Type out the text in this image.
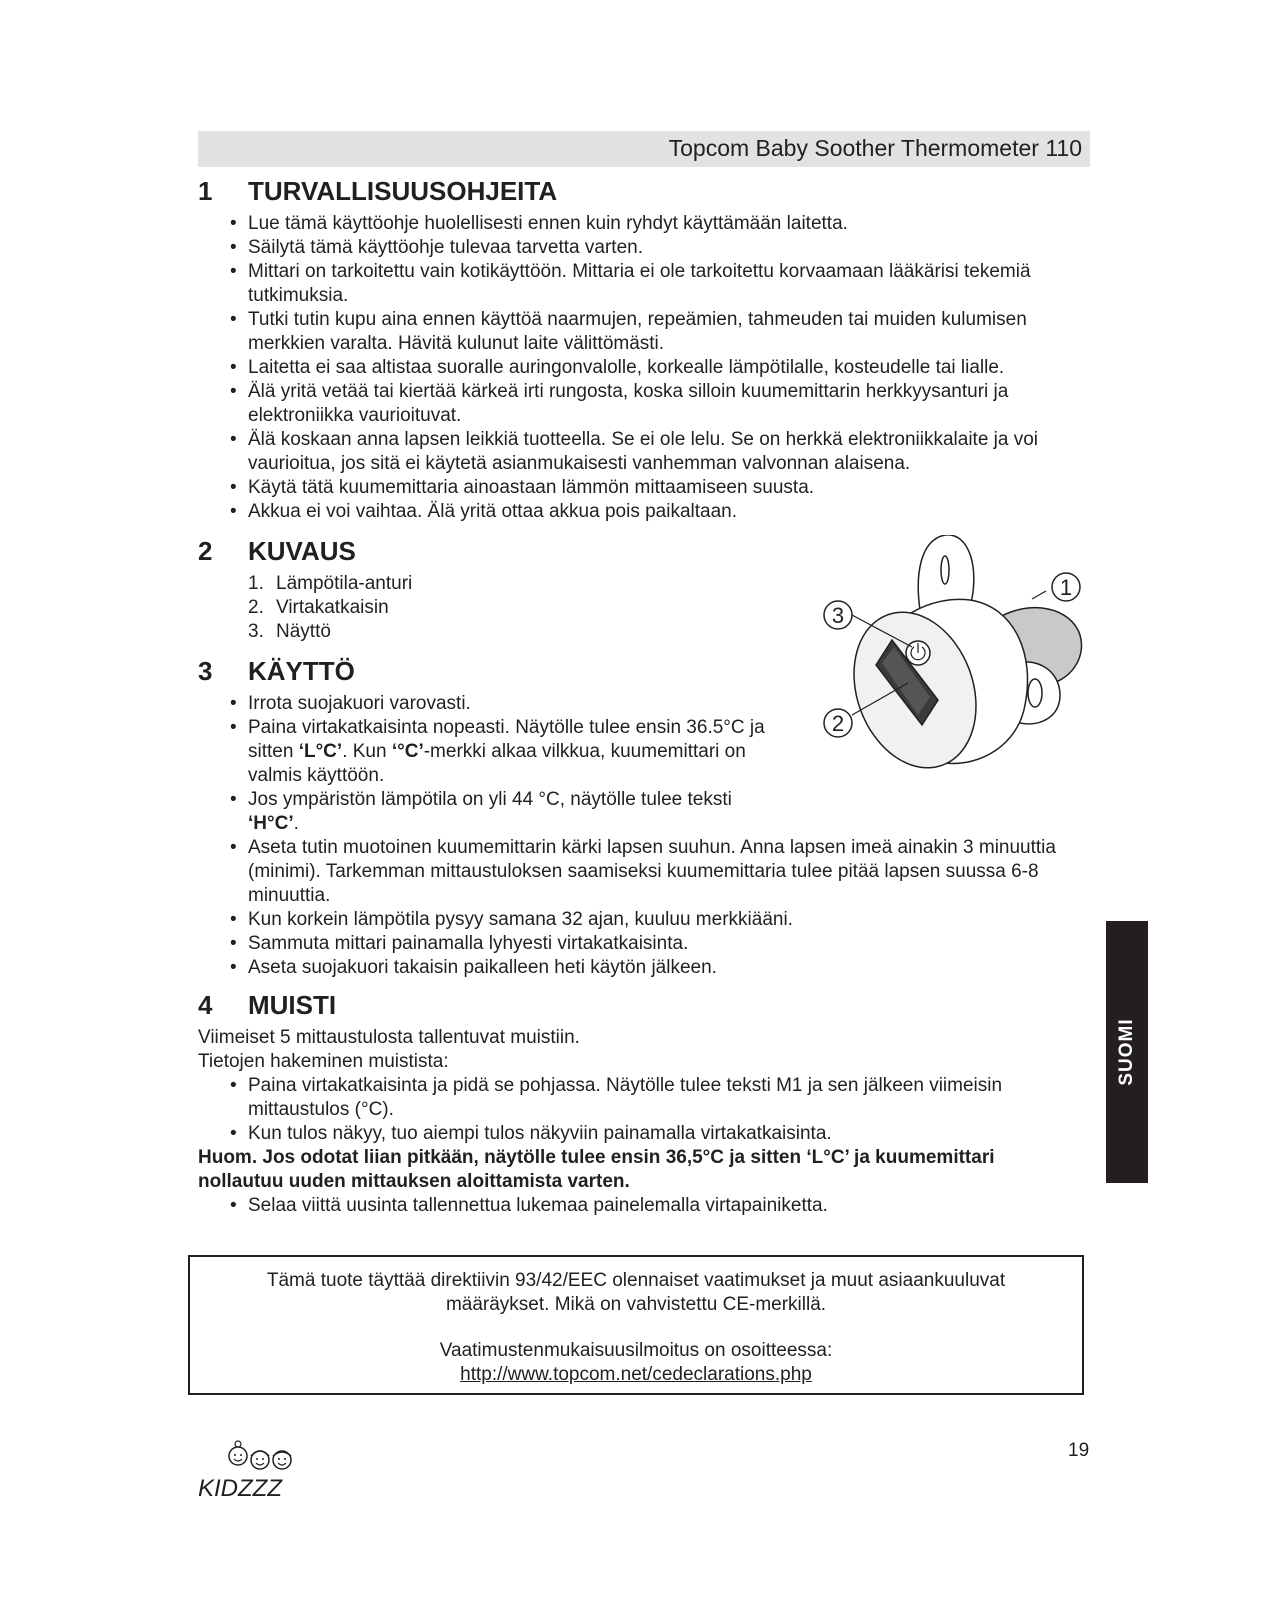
Topcom Baby Soother Thermometer 110
1 TURVALLISUUSOHJEITA
• Lue tämä käyttöohje huolellisesti ennen kuin ryhdyt käyttämään laitetta.
• Säilytä tämä käyttöohje tulevaa tarvetta varten.
• Mittari on tarkoitettu vain kotikäyttöön. Mittaria ei ole tarkoitettu korvaamaan lääkärisi tekemiä tutkimuksia.
• Tutki tutin kupu aina ennen käyttöä naarmujen, repeämien, tahmeuden tai muiden kulumisen merkkien varalta. Hävitä kulunut laite välittömästi.
• Laitetta ei saa altistaa suoralle auringonvalolle, korkealle lämpötilalle, kosteudelle tai lialle.
• Älä yritä vetää tai kiertää kärkeä irti rungosta, koska silloin kuumemittarin herkkyysanturi ja elektroniikka vaurioituvat.
• Älä koskaan anna lapsen leikkiä tuotteella. Se ei ole lelu. Se on herkkä elektroniikkalaite ja voi vaurioitua, jos sitä ei käytetä asianmukaisesti vanhemman valvonnan alaisena.
• Käytä tätä kuumemittaria ainoastaan lämmön mittaamiseen suusta.
• Akkua ei voi vaihtaa. Älä yritä ottaa akkua pois paikaltaan.
2 KUVAUS
1. Lämpötila-anturi
2. Virtakatkaisin
3. Näyttö
3
2
1
3 KÄYTTÖ
• Irrota suojakuori varovasti.
• Paina virtakatkaisinta nopeasti. Näytölle tulee ensin 36.5°C ja
sitten ‘L°C’. Kun ‘°C’-merkki alkaa vilkkua, kuumemittari on
valmis käyttöön.
• Jos ympäristön lämpötila on yli 44 °C, näytölle tulee teksti
‘H°C’.
• Aseta tutin muotoinen kuumemittarin kärki lapsen suuhun. Anna lapsen imeä ainakin 3 minuuttia (minimi). Tarkemman mittaustuloksen saamiseksi kuumemittaria tulee pitää lapsen suussa 6-8 minuuttia.
• Kun korkein lämpötila pysyy samana 32 ajan, kuuluu merkkiääni.
• Sammuta mittari painamalla lyhyesti virtakatkaisinta.
• Aseta suojakuori takaisin paikalleen heti käytön jälkeen.
4 MUISTI
Viimeiset 5 mittaustulosta tallentuvat muistiin.
Tietojen hakeminen muistista:
• Paina virtakatkaisinta ja pidä se pohjassa. Näytölle tulee teksti M1 ja sen jälkeen viimeisin mittaustulos (°C).
• Kun tulos näkyy, tuo aiempi tulos näkyviin painamalla virtakatkaisinta.
Huom. Jos odotat liian pitkään, näytölle tulee ensin 36,5°C ja sitten ‘L°C’ ja kuumemittari nollautuu uuden mittauksen aloittamista varten.
• Selaa viittä uusinta tallennettua lukemaa painelemalla virtapainiketta.
SUOMI
Tämä tuote täyttää direktiivin 93/42/EEC olennaiset vaatimukset ja muut asiaankuuluvat määräykset. Mikä on vahvistettu CE-merkillä.
Vaatimustenmukaisuusilmoitus on osoitteessa:
http://www.topcom.net/cedeclarations.php
19
KIDZZZ
